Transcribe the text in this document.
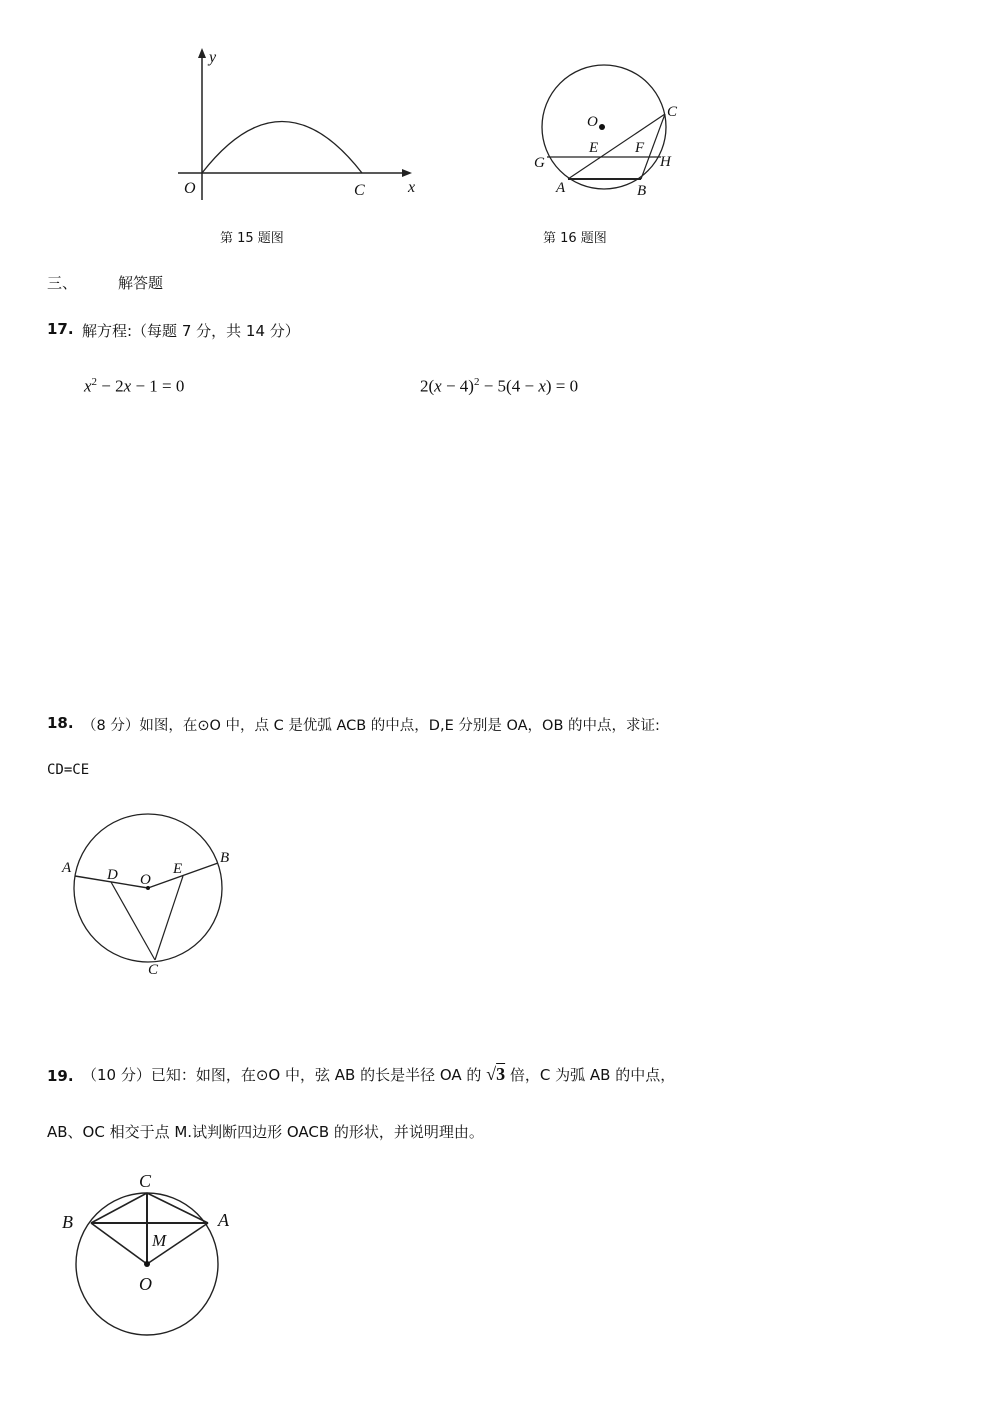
y
x
O	C
第 15 题图
O
C
E F
G	H
A	B
第 16 题图
三、	解答题
17. 解方程:（每题 7 分，共 14 分）
$x^2 - 2x - 1 = 0$	$2(x - 4)^2 - 5(4 - x) = 0$
18. （8 分）如图，在⊙O 中，点 C 是优弧 ACB 的中点，D,E 分别是 OA，OB 的中点，求证:
CD=CE
A
B
D O
E
C
19. （10 分）已知：如图，在⊙O 中，弦 AB 的长是半径 OA 的 √3 倍，C 为弧 AB 的中点，
AB、OC 相交于点 M.试判断四边形 OACB 的形状，并说明理由。
C
B	A
M
O
